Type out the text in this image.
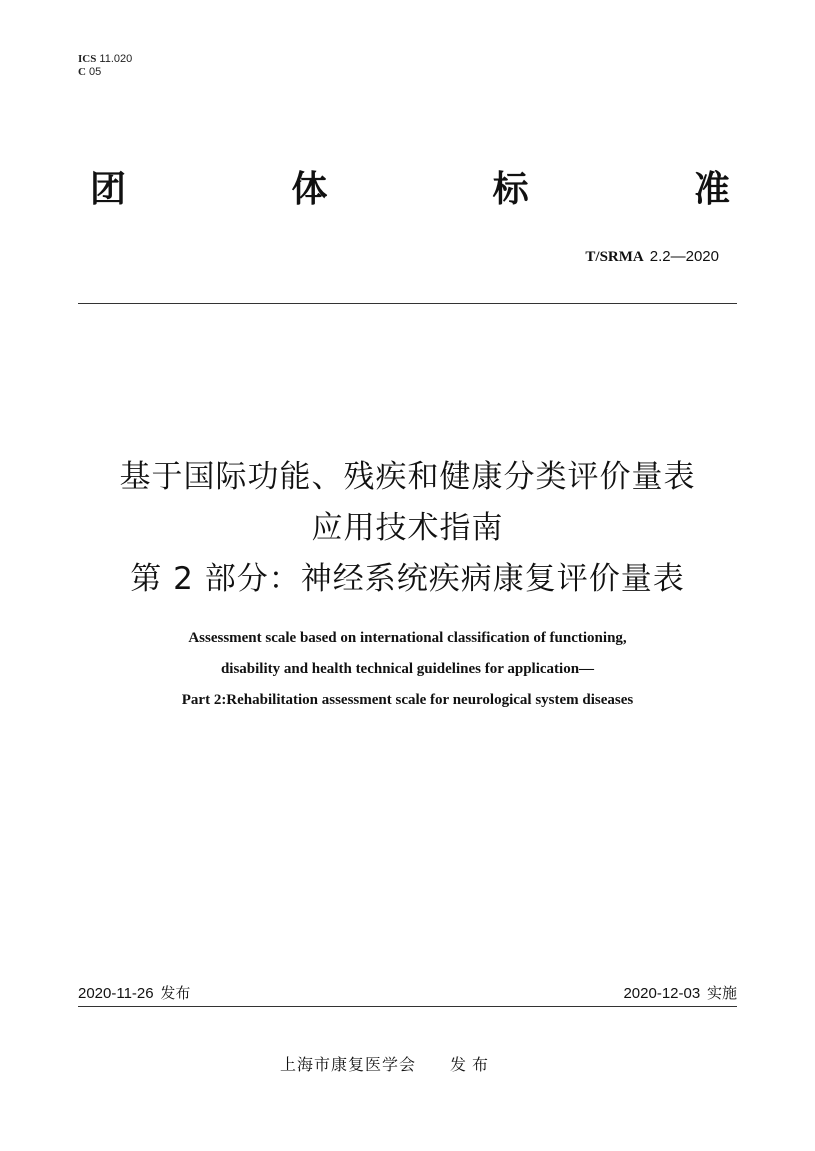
ICS 11.020
C 05
团	体	标	准
T/SRMA 2.2—2020
基于国际功能、残疾和健康分类评价量表
应用技术指南
第 2 部分：神经系统疾病康复评价量表
Assessment scale based on international classification of functioning,
disability and health technical guidelines for application—
Part 2:Rehabilitation assessment scale for neurological system diseases
2020-11-26 发布	2020-12-03 实施
上海市康复医学会 发布
